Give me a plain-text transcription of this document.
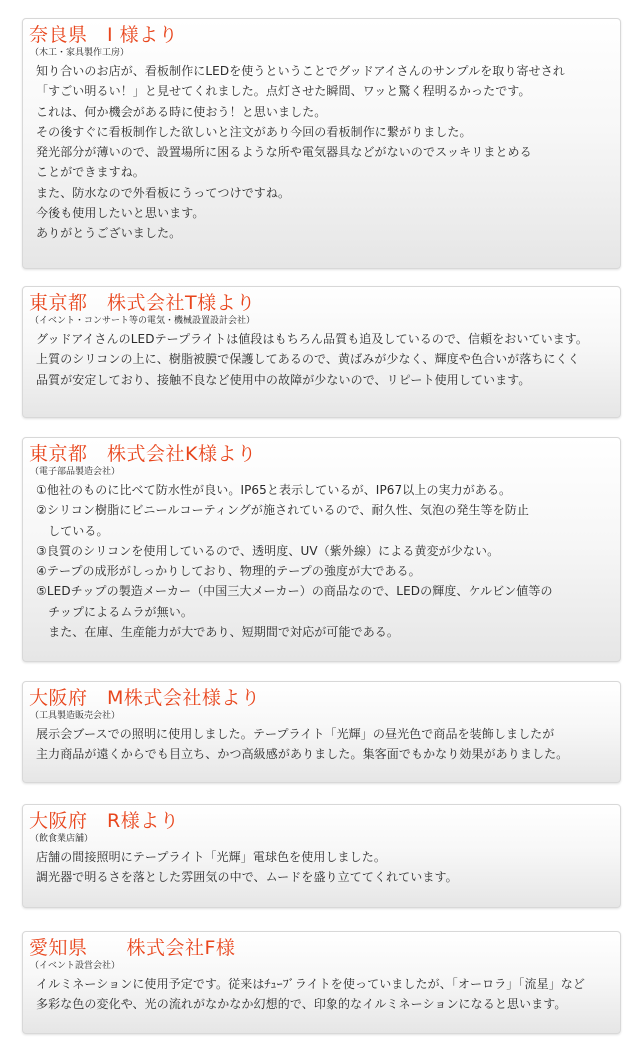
奈良県　I 様より
（木工・家具製作工房）
知り合いのお店が、看板制作にLEDを使うということでグッドアイさんのサンプルを取り寄せされ
「すごい明るい！」と見せてくれました。点灯させた瞬間、ワッと驚く程明るかったです。
これは、何か機会がある時に使おう！と思いました。
その後すぐに看板制作した欲しいと注文があり今回の看板制作に繋がりました。
発光部分が薄いので、設置場所に困るような所や電気器具などがないのでスッキリまとめる
ことができますね。
また、防水なので外看板にうってつけですね。
今後も使用したいと思います。
ありがとうございました。
東京都　株式会社T様より
（イベント・コンサート等の電気・機械設置設計会社）
グッドアイさんのLEDテープライトは値段はもちろん品質も追及しているので、信頼をおいています。
上質のシリコンの上に、樹脂被膜で保護してあるので、黄ばみが少なく、輝度や色合いが落ちにくく
品質が安定しており、接触不良など使用中の故障が少ないので、リピート使用しています。
東京都　株式会社K様より
（電子部品製造会社）
①他社のものに比べて防水性が良い。IP65と表示しているが、IP67以上の実力がある。
②シリコン樹脂にビニールコーティングが施されているので、耐久性、気泡の発生等を防止
　している。
③良質のシリコンを使用しているので、透明度、UV（紫外線）による黄変が少ない。
④テープの成形がしっかりしており、物理的テープの強度が大である。
⑤LEDチップの製造メーカー（中国三大メーカー）の商品なので、LEDの輝度、ケルビン値等の
　チップによるムラが無い。
　また、在庫、生産能力が大であり、短期間で対応が可能である。
大阪府　M株式会社様より
（工具製造販売会社）
展示会ブースでの照明に使用しました。テープライト「光輝」の昼光色で商品を装飾しましたが
主力商品が遠くからでも目立ち、かつ高級感がありました。集客面でもかなり効果がありました。
大阪府　R様より
（飲食業店舗）
店舗の間接照明にテープライト「光輝」電球色を使用しました。
調光器で明るさを落とした雰囲気の中で、ムードを盛り立ててくれています。
愛知県　　株式会社F様
（イベント設営会社）
イルミネーションに使用予定です。従来はﾁｭｰﾌﾞライトを使っていましたが、「オーロラ」「流星」など
多彩な色の変化や、光の流れがなかなか幻想的で、印象的なイルミネーションになると思います。
